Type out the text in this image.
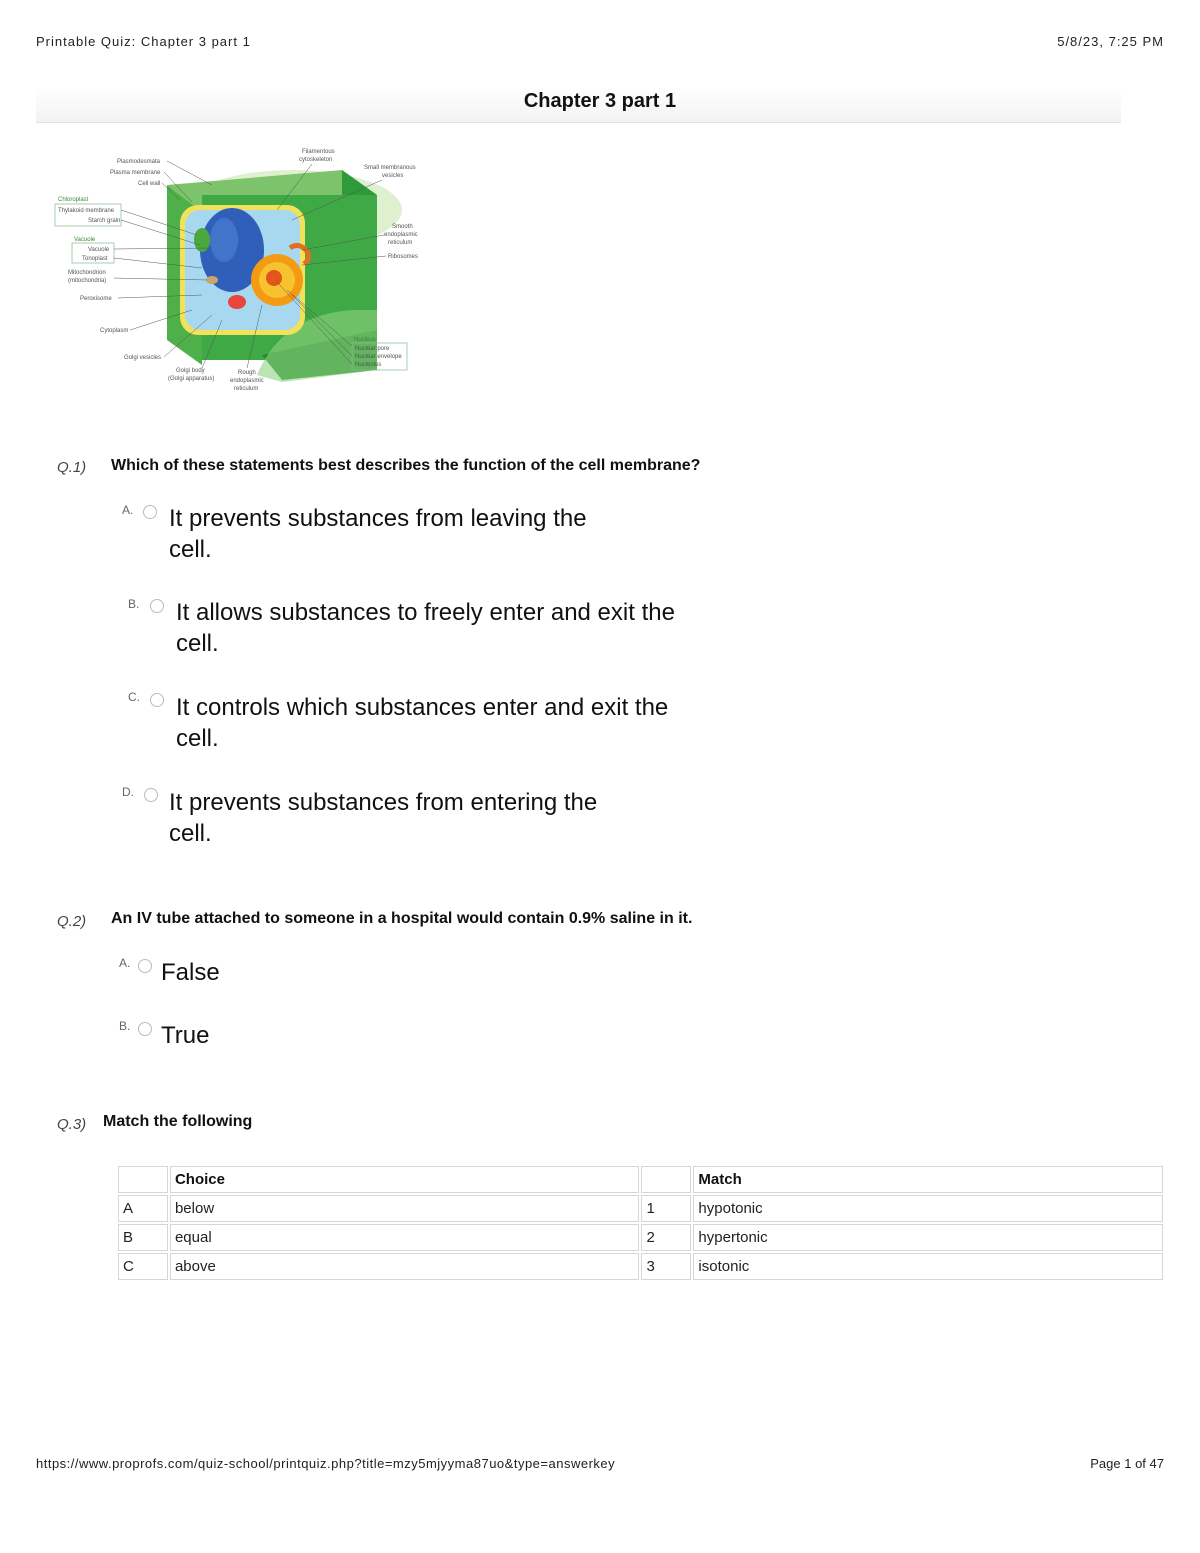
Printable Quiz: Chapter 3 part 1	5/8/23, 7:25 PM
Chapter 3 part 1
Plasmodesmata
Plasma membrane
Cell wall
Chloroplast
Thylakoid membrane
Starch grain
Vacuole
Vacuole
Tonoplast
Mitochondrion
(mitochondria)
Peroxisome
Cytoplasm
Golgi vesicles
Golgi body
(Golgi apparatus)
Rough
endoplasmic
reticulum
Filamentous
cytoskeleton
Small membranous
vesicles
Smooth
endoplasmic
reticulum
Ribosomes
Nucleus
Nuclear pore
Nuclear envelope
Nucleolus
Q.1) Which of these statements best describes the function of the cell membrane?
A. It prevents substances from leaving the
cell.
B. It allows substances to freely enter and exit the
cell.
C. It controls which substances enter and exit the
cell.
D. It prevents substances from entering the
cell.
Q.2) An IV tube attached to someone in a hospital would contain 0.9% saline in it.
A. False
B. True
Q.3) Match the following
	Choice		Match
A	below	1	hypotonic
B	equal	2	hypertonic
C	above	3	isotonic
https://www.proprofs.com/quiz-school/printquiz.php?title=mzy5mjyyma87uo&type=answerkey	Page 1 of 47
